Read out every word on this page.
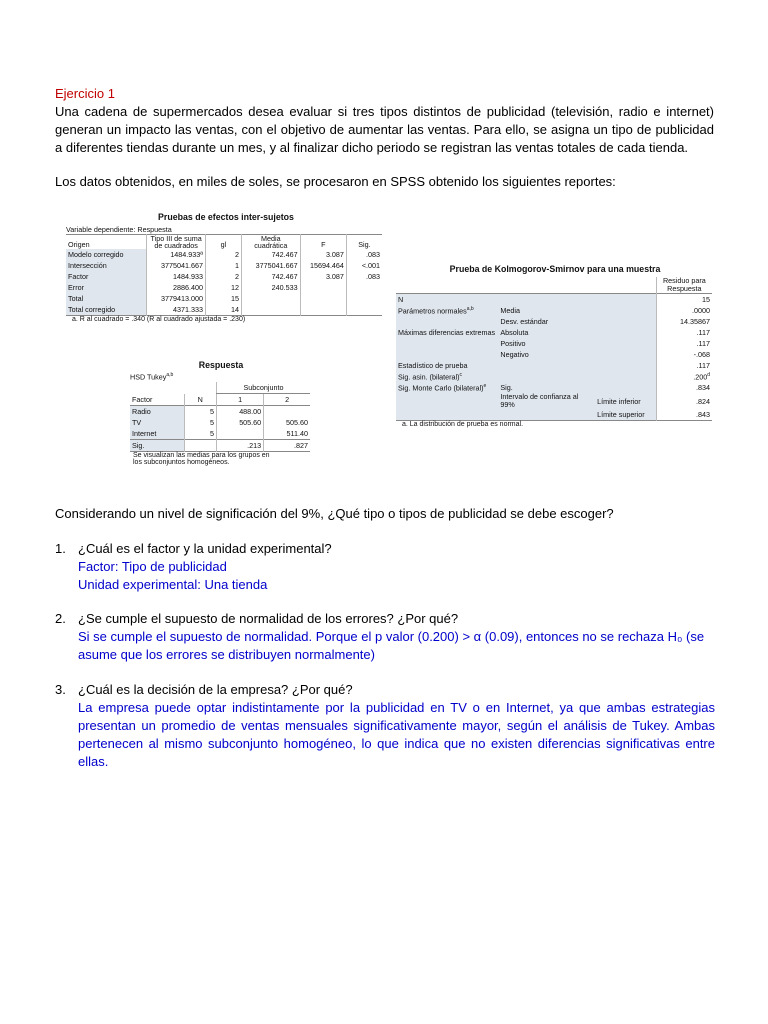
Ejercicio 1

Una cadena de supermercados desea evaluar si tres tipos distintos de publicidad (televisión, radio e internet) generan un impacto las ventas, con el objetivo de aumentar las ventas. Para ello, se asigna un tipo de publicidad a diferentes tiendas durante un mes, y al finalizar dicho periodo se registran las ventas totales de cada tienda.

Los datos obtenidos, en miles de soles, se procesaron en SPSS obtenido los siguientes reportes:

Pruebas de efectos inter-sujetos
Variable dependiente: Respuesta
Origen	Tipo III de suma de cuadrados	gl	Media cuadrática	F	Sig.
Modelo corregido	1484.933ª	2	742.467	3.087	.083
Intersección	3775041.667	1	3775041.667	15694.464	<.001
Factor	1484.933	2	742.467	3.087	.083
Error	2886.400	12	240.533		
Total	3779413.000	15			
Total corregido	4371.333	14			
a. R al cuadrado = .340 (R al cuadrado ajustada = .230)
Respuesta
HSD Tukey$^{a,b}$
		Subconjunto	
Factor	N	1	2
Radio	5	488.00	
TV	5	505.60	505.60
Internet	5		511.40
Sig.		.213	.827
Se visualizan las medias para los grupos en
los subconjuntos homogéneos.
Prueba de Kolmogorov-Smirnov para una muestra
			Residuo para Respuesta
N			15
Parámetros normales$^{a,b}$	Media		.0000
	Desv. estándar		14.35867
Máximas diferencias extremas	Absoluta		.117
	Positivo		.117
	Negativo		-.068
Estadístico de prueba			.117
Sig. asin. (bilateral)$^c$			.200$^d$
Sig. Monte Carlo (bilateral)$^e$	Sig.		.834
	Intervalo de confianza al 99%	Límite inferior	.824
		Límite superior	.843
a. La distribución de prueba es normal.

Considerando un nivel de significación del 9%, ¿Qué tipo o tipos de publicidad se debe escoger?

1. ¿Cuál es el factor y la unidad experimental?
Factor: Tipo de publicidad
Unidad experimental: Una tienda
2. ¿Se cumple el supuesto de normalidad de los errores? ¿Por qué?
Si se cumple el supuesto de normalidad. Porque el p valor (0.200) > α (0.09), entonces no se rechaza H₀ (se asume que los errores se distribuyen normalmente)
3. ¿Cuál es la decisión de la empresa? ¿Por qué?
La empresa puede optar indistintamente por la publicidad en TV o en Internet, ya que ambas estrategias presentan un promedio de ventas mensuales significativamente mayor, según el análisis de Tukey. Ambas pertenecen al mismo subconjunto homogéneo, lo que indica que no existen diferencias significativas entre ellas.
